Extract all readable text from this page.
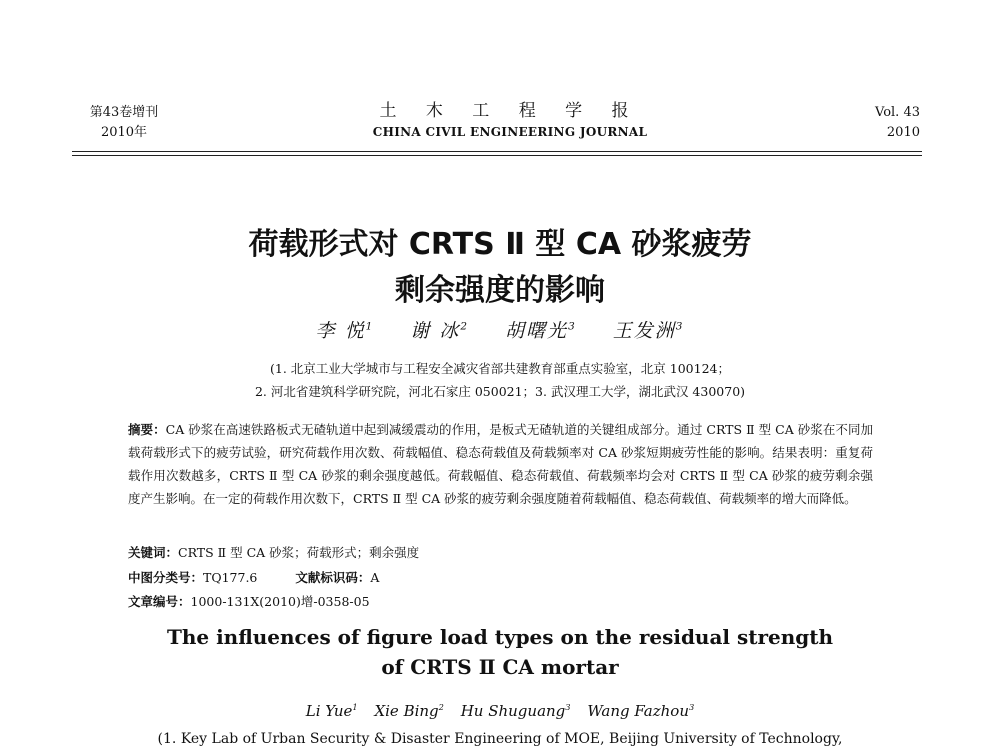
第43卷增刊
2010年
土 木 工 程 学 报
CHINA CIVIL ENGINEERING JOURNAL
Vol. 43
2010
荷载形式对 CRTS Ⅱ 型 CA 砂浆疲劳
剩余强度的影响
李 悦$^1$ 谢 冰$^2$ 胡曙光$^3$ 王发洲$^3$
(1. 北京工业大学城市与工程安全减灾省部共建教育部重点实验室，北京 100124；
2. 河北省建筑科学研究院，河北石家庄 050021；3. 武汉理工大学，湖北武汉 430070)
摘要：CA 砂浆在高速铁路板式无碴轨道中起到减缓震动的作用，是板式无碴轨道的关键组成部分。通过 CRTS Ⅱ 型 CA 砂浆在不同加载荷载形式下的疲劳试验，研究荷载作用次数、荷载幅值、稳态荷载值及荷载频率对 CA 砂浆短期疲劳性能的影响。结果表明：重复荷载作用次数越多，CRTS Ⅱ 型 CA 砂浆的剩余强度越低。荷载幅值、稳态荷载值、荷载频率均会对 CRTS Ⅱ 型 CA 砂浆的疲劳剩余强度产生影响。在一定的荷载作用次数下，CRTS Ⅱ 型 CA 砂浆的疲劳剩余强度随着荷载幅值、稳态荷载值、荷载频率的增大而降低。
关键词：CRTS Ⅱ 型 CA 砂浆；荷载形式；剩余强度
中图分类号：TQ177.6	文献标识码：A
文章编号：1000-131X(2010)增-0358-05
The influences of figure load types on the residual strength
of CRTS Ⅱ CA mortar
Li Yue$^1$ Xie Bing$^2$ Hu Shuguang$^3$ Wang Fazhou$^3$
(1. Key Lab of Urban Security & Disaster Engineering of MOE, Beijing University of Technology,
